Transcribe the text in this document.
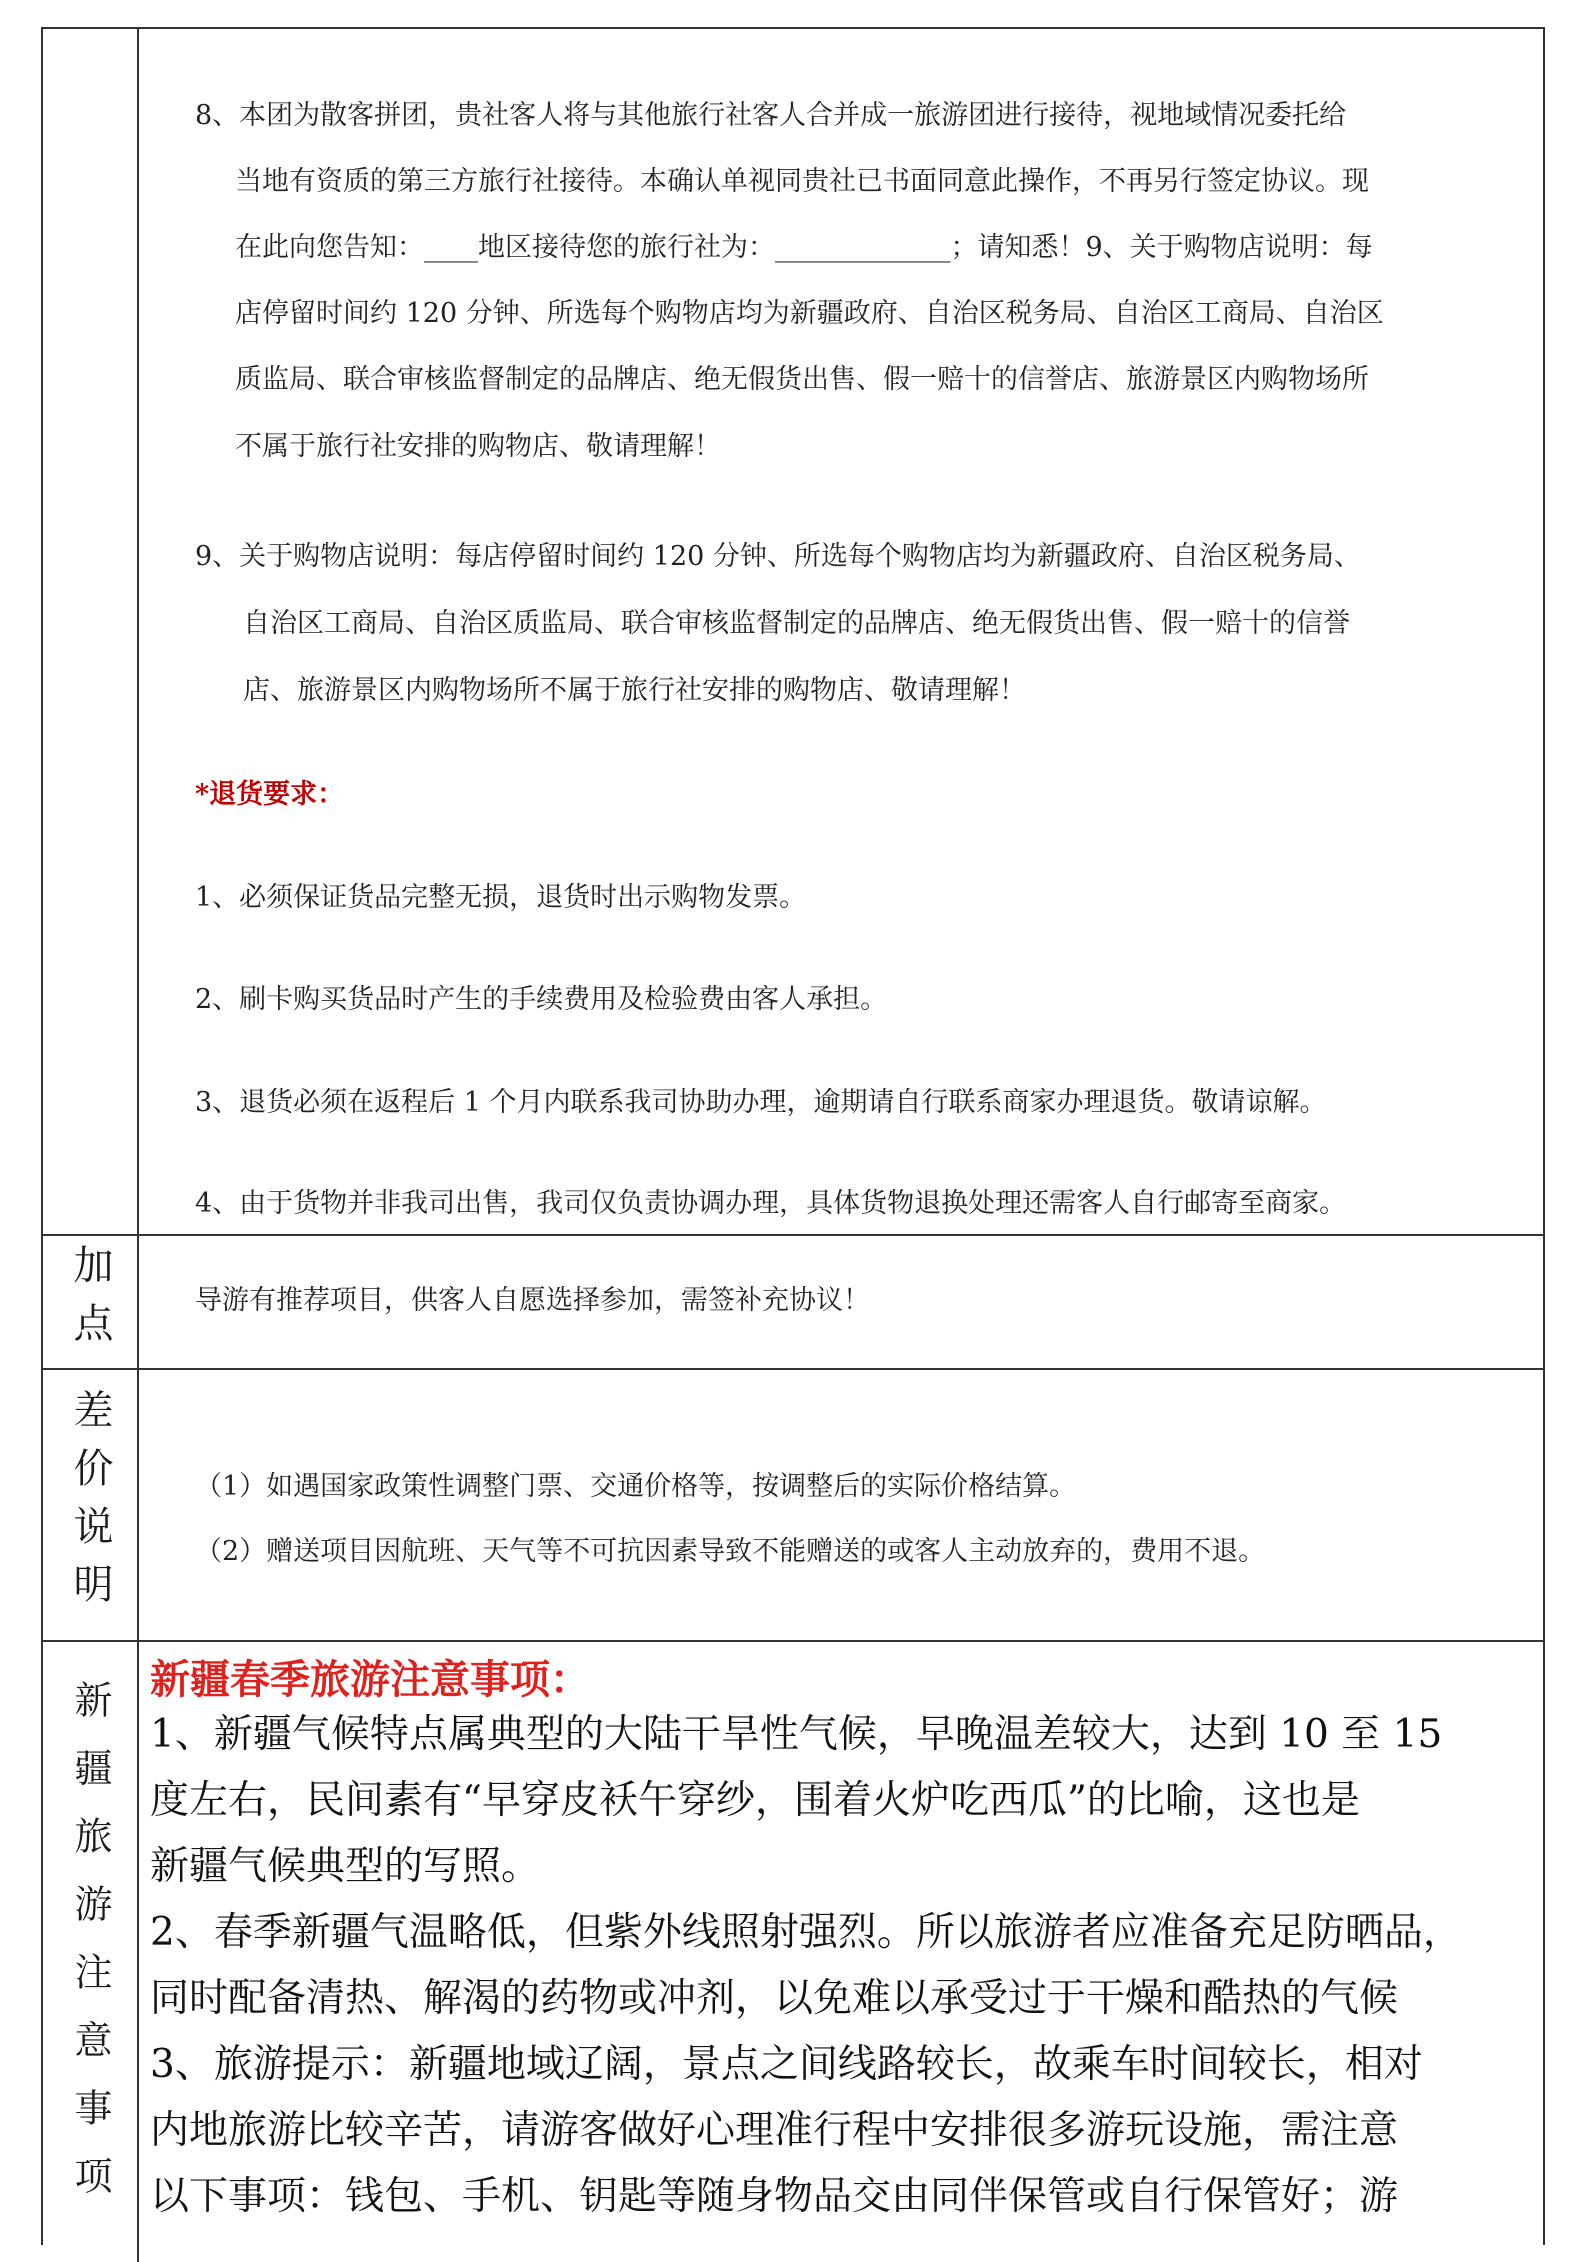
8、本团为散客拼团，贵社客人将与其他旅行社客人合并成一旅游团进行接待，视地域情况委托给
当地有资质的第三方旅行社接待。本确认单视同贵社已书面同意此操作，不再另行签定协议。现
在此向您告知：____地区接待您的旅行社为：_____________；请知悉！9、关于购物店说明：每
店停留时间约 120 分钟、所选每个购物店均为新疆政府、自治区税务局、自治区工商局、自治区
质监局、联合审核监督制定的品牌店、绝无假货出售、假一赔十的信誉店、旅游景区内购物场所
不属于旅行社安排的购物店、敬请理解！
9、关于购物店说明：每店停留时间约 120 分钟、所选每个购物店均为新疆政府、自治区税务局、
自治区工商局、自治区质监局、联合审核监督制定的品牌店、绝无假货出售、假一赔十的信誉
店、旅游景区内购物场所不属于旅行社安排的购物店、敬请理解！
*退货要求：
1、必须保证货品完整无损，退货时出示购物发票。
2、刷卡购买货品时产生的手续费用及检验费由客人承担。
3、退货必须在返程后 1 个月内联系我司协助办理，逾期请自行联系商家办理退货。敬请谅解。
4、由于货物并非我司出售，我司仅负责协调办理，具体货物退换处理还需客人自行邮寄至商家。
加点	导游有推荐项目，供客人自愿选择参加，需签补充协议！
差价说明	（1）如遇国家政策性调整门票、交通价格等，按调整后的实际价格结算。
（2）赠送项目因航班、天气等不可抗因素导致不能赠送的或客人主动放弃的，费用不退。
新疆旅游注意事项 新疆春季旅游注意事项：
1、新疆气候特点属典型的大陆干旱性气候，早晚温差较大，达到 10 至 15
度左右，民间素有“早穿皮袄午穿纱，围着火炉吃西瓜”的比喻，这也是
新疆气候典型的写照。
2、春季新疆气温略低，但紫外线照射强烈。所以旅游者应准备充足防晒品，
同时配备清热、解渴的药物或冲剂，以免难以承受过于干燥和酷热的气候
3、旅游提示：新疆地域辽阔，景点之间线路较长，故乘车时间较长，相对
内地旅游比较辛苦，请游客做好心理准行程中安排很多游玩设施，需注意
以下事项：钱包、手机、钥匙等随身物品交由同伴保管或自行保管好；游
